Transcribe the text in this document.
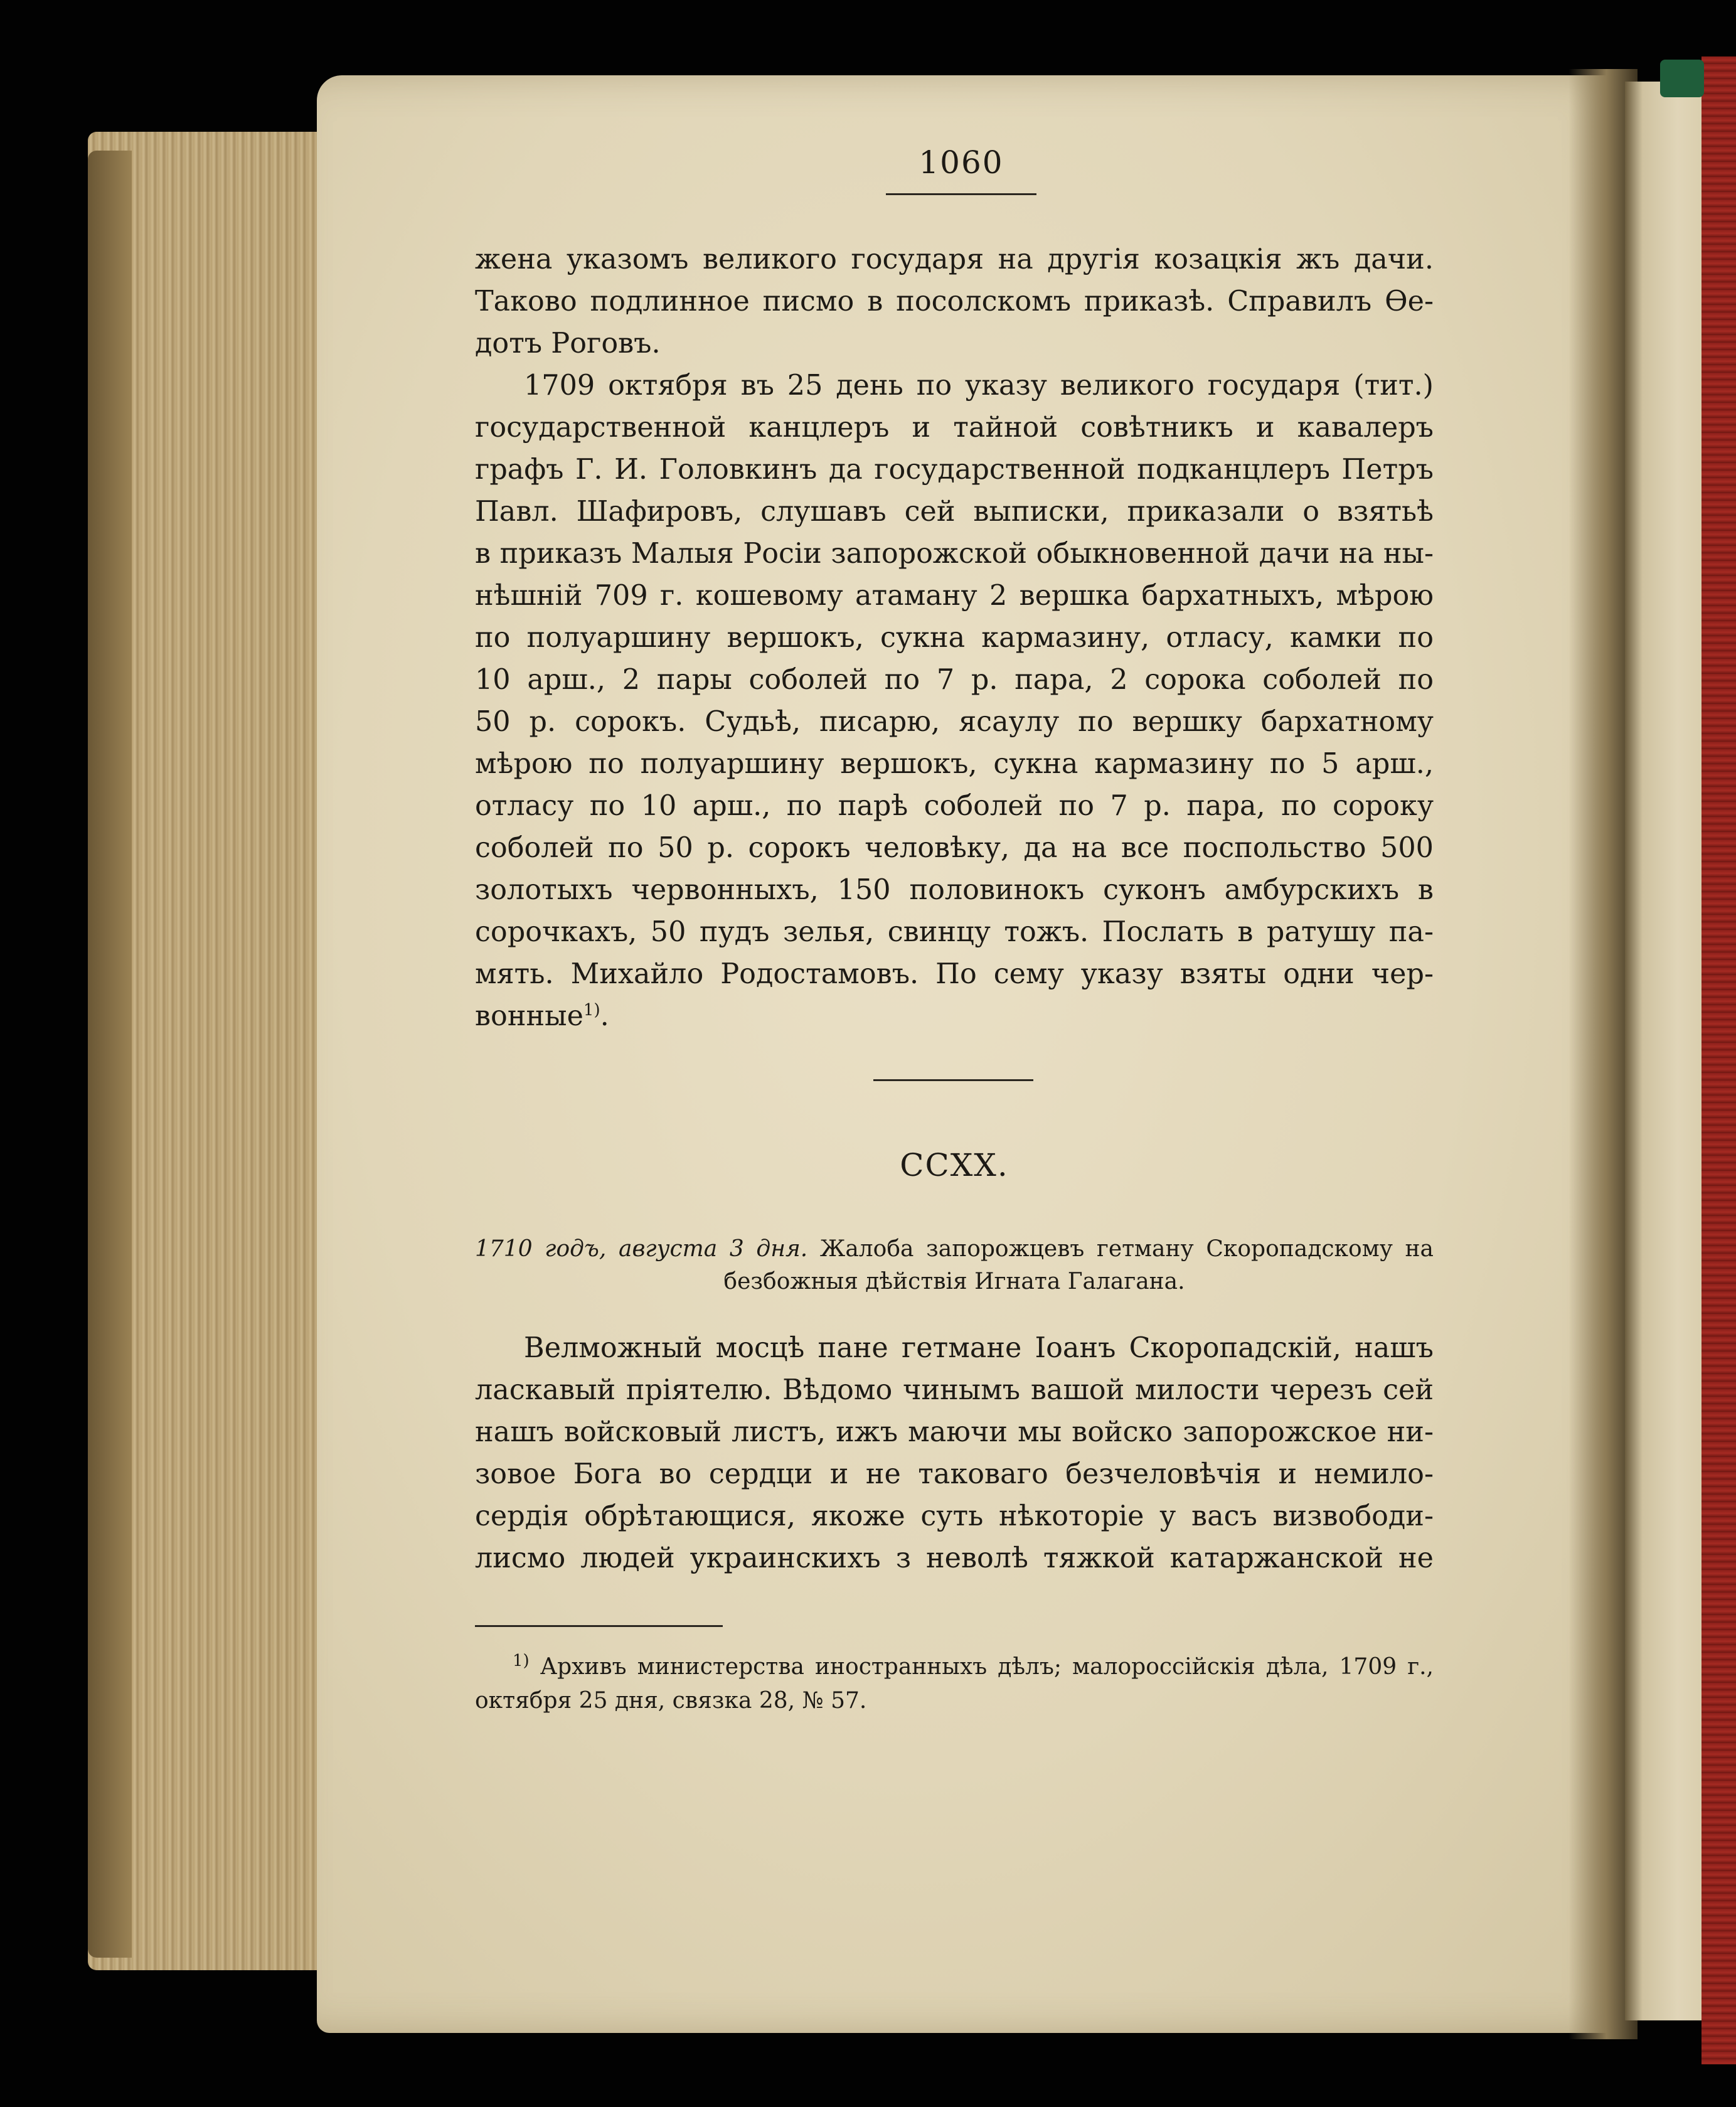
1060
жена указомъ великого государя на другія козацкія жъ дачи.
Таково подлинное писмо в посолскомъ приказѣ. Справилъ Ѳе-
дотъ Роговъ.
1709 октября въ 25 день по указу великого государя (тит.)
государственной канцлеръ и тайной совѣтникъ и кавалеръ
графъ Г. И. Головкинъ да государственной подканцлеръ Петръ
Павл. Шафировъ, слушавъ сей выписки, приказали о взятьѣ
в приказъ Малыя Росіи запорожской обыкновенной дачи на ны-
нѣшній 709 г. кошевому атаману 2 вершка бархатныхъ, мѣрою
по полуаршину вершокъ, сукна кармазину, отласу, камки по
10 арш., 2 пары соболей по 7 р. пара, 2 сорока соболей по
50 р. сорокъ. Судьѣ, писарю, ясаулу по вершку бархатному
мѣрою по полуаршину вершокъ, сукна кармазину по 5 арш.,
отласу по 10 арш., по парѣ соболей по 7 р. пара, по сороку
соболей по 50 р. сорокъ человѣку, да на все поспольство 500
золотыхъ червонныхъ, 150 половинокъ суконъ амбурскихъ в
сорочкахъ, 50 пудъ зелья, свинцу тожъ. Послать в ратушу па-
мять. Михайло Родостамовъ. По сему указу взяты одни чер-
вонные$^{1)}$.
CCXX.
1710 годъ, августа 3 дня. Жалоба запорожцевъ гетману Скоропадскому на
безбожныя дѣйствія Игната Галагана.
Велможный мосцѣ пане гетмане Іоанъ Скоропадскій, нашъ
ласкавый пріятелю. Вѣдомо чинымъ вашой милости черезъ сей
нашъ войсковый листъ, ижъ маючи мы войско запорожское ни-
зовое Бога во сердци и не таковаго безчеловѣчія и немило-
сердія обрѣтающися, якоже суть нѣкоторіе у васъ визвободи-
лисмо людей украинскихъ з неволѣ тяжкой катаржанской не
$^{1)}$ Архивъ министерства иностранныхъ дѣлъ; малороссійскія дѣла, 1709 г.,
октября 25 дня, связка 28, № 57.
